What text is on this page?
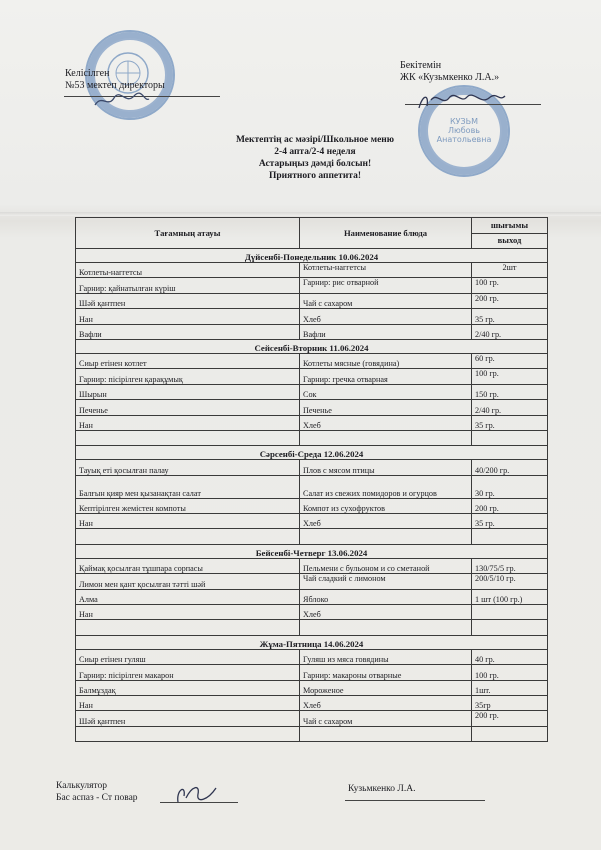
КУЗЬМ Любовь Анатольевна
Келісілген
№53 мектеп директоры
Бекітемін
ЖК «Кузьмкенко Л.А.»
Мектептің ас мәзірі/Школьное меню
2-4 апта/2-4 неделя
Астарыңыз дәмді болсын!
Приятного аппетита!
Тағамның атауы	Наименование блюда	шығымы
		выход
Дүйсенбі-Понедельник 10.06.2024		
Котлеты-наггетсы	Котлеты-наггетсы	2шт
Гарнир: қайнатылған күріш	Гарнир: рис отварной	100 гр.
Шәй қантпен	Чай с сахаром	200 гр.
Нан	Хлеб	35 гр.
Вафли	Вафли	2/40 гр.
Сейсенбі-Вторник 11.06.2024		
Сиыр етінен котлет	Котлеты мясные (говядина)	60 гр.
Гарнир: пісірілген қарақұмық	Гарнир: гречка отварная	100 гр.
Шырын	Сок	150 гр.
Печенье	Печенье	2/40 гр.
Нан	Хлеб	35 гр.

Сәрсенбі-Среда 12.06.2024		
Тауық еті қосылған палау	Плов с мясом птицы	40/200 гр.
Балғын қияр мен қызанақтан салат	Салат из свежих помидоров и огурцов	30 гр.
Кептірілген жемістен компоты	Компот из сухофруктов	200 гр.
Нан	Хлеб	35 гр.

Бейсенбі-Четверг 13.06.2024		
Қаймақ қосылған тұшпара сорпасы	Пельмени с бульоном и со сметаной	130/75/5 гр.
Лимон мен қант қосылған тәтті шәй	Чай сладкий с лимоном	200/5/10 гр.
Алма	Яблоко	1 шт (100 гр.)
Нан	Хлеб	

Жұма-Пятница 14.06.2024		
Сиыр етінен гуляш	Гуляш из мяса говядины	40 гр.
Гарнир: пісірілген макарон	Гарнир: макароны отварные	100 гр.
Балмұздақ	Мороженое	1шт.
Нан	Хлеб	35гр
Шәй қантпен	Чай с сахаром	200 гр.

Калькулятор
Бас аспаз - Ст повар
Кузьмкенко Л.А.
